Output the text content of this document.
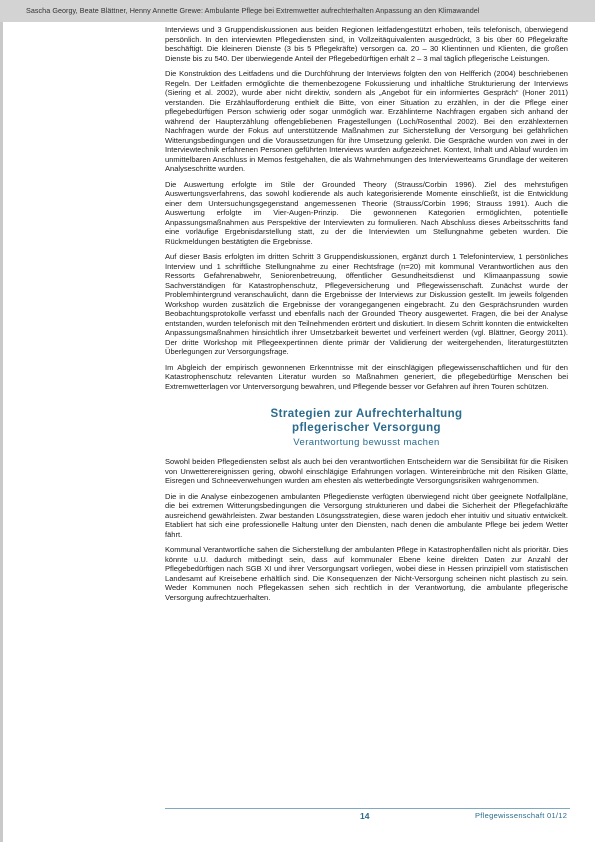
Sascha Georgy, Beate Blättner, Henny Annette Grewe: Ambulante Pflege bei Extremwetter aufrechterhalten Anpassung an den Klimawandel

Interviews und 3 Gruppendiskussionen aus beiden Regionen leitfadengestützt erhoben, teils telefonisch, überwiegend persönlich. In den interviewten Pflegediensten sind, in Vollzeitäquivalenten ausgedrückt, 3 bis über 60 Pflegekräfte beschäftigt. Die kleineren Dienste (3 bis 5 Pflegekräfte) versorgen ca. 20 – 30 Klientinnen und Klienten, die großen Dienste bis zu 540. Der überwiegende Anteil der Pflegebedürftigen erhält 2 – 3 mal täglich pflegerische Leistungen.

Die Konstruktion des Leitfadens und die Durchführung der Interviews folgten den von Helfferich (2004) beschriebenen Regeln. Der Leitfaden ermöglichte die themenbezogene Fokussierung und inhaltliche Strukturierung der Interviews (Siering et al. 2002), wurde aber nicht direktiv, sondern als „Angebot für ein informiertes Gespräch“ (Honer 2011) verstanden. Die Erzählaufforderung enthielt die Bitte, von einer Situation zu erzählen, in der die Pflege einer pflegebedürftigen Person schwierig oder sogar unmöglich war. Erzählinterne Nachfragen ergaben sich anhand der während der Haupterzählung offengebliebenen Fragestellungen (Loch/Rosenthal 2002). Bei den erzählexternen Nachfragen wurde der Fokus auf unterstützende Maßnahmen zur Sicherstellung der Versorgung bei gefährlichen Witterungsbedingungen und die Voraussetzungen für ihre Umsetzung gelenkt. Die Gespräche wurden von zwei in der Interviewtechnik erfahrenen Personen geführten Interviews wurden aufgezeichnet. Kontext, Inhalt und Ablauf wurden im unmittelbaren Anschluss in Memos festgehalten, die als Wahrnehmungen des Interviewerteams Grundlage der weiteren Analyseschritte wurden.

Die Auswertung erfolgte im Stile der Grounded Theory (Strauss/Corbin 1996). Ziel des mehrstufigen Auswertungsverfahrens, das sowohl kodierende als auch kategorisierende Momente einschließt, ist die Entwicklung einer dem Untersuchungsgegenstand angemessenen Theorie (Strauss/Corbin 1996; Strauss 1991). Auch die Auswertung erfolgte im Vier-Augen-Prinzip. Die gewonnenen Kategorien ermöglichten, potentielle Anpassungsmaßnahmen aus Perspektive der Interviewten zu formulieren. Nach Abschluss dieses Arbeitsschritts fand eine vorläufige Ergebnisdarstellung statt, zu der die Interviewten um Stellungnahme gebeten wurden. Die Rückmeldungen bestätigten die Ergebnisse.

Auf dieser Basis erfolgten im dritten Schritt 3 Gruppendiskussionen, ergänzt durch 1 Telefoninterview, 1 persönliches Interview und 1 schriftliche Stellungnahme zu einer Rechtsfrage (n=20) mit kommunal Verantwortlichen aus den Ressorts Gefahrenabwehr, Seniorenbetreuung, öffentlicher Gesundheitsdienst und Klimaanpassung sowie Sachverständigen für Katastrophenschutz, Pflegeversicherung und Pflegewissenschaft. Zunächst wurde der Problemhintergrund veranschaulicht, dann die Ergebnisse der Interviews zur Diskussion gestellt. Im jeweils folgenden Workshop wurden zusätzlich die Ergebnisse der vorangegangenen eingebracht. Zu den Gesprächsrunden wurden Beobachtungsprotokolle verfasst und ebenfalls nach der Grounded Theory ausgewertet. Fragen, die bei der Analyse entstanden, wurden telefonisch mit den Teilnehmenden erörtert und diskutiert. In diesem Schritt konnten die entwickelten Anpassungsmaßnahmen hinsichtlich ihrer Umsetzbarkeit bewertet und verfeinert werden (vgl. Blättner, Georgy 2011). Der dritte Workshop mit Pflegeexpertinnen diente primär der Validierung der weitergehenden, literaturgestützten Überlegungen zur Versorgungsfrage.

Im Abgleich der empirisch gewonnenen Erkenntnisse mit der einschlägigen pflegewissenschaftlichen und für den Katastrophenschutz relevanten Literatur wurden so Maßnahmen generiert, die pflegebedürftige Menschen bei Extremwetterlagen vor Unterversorgung bewahren, und Pflegende besser vor Gefahren auf ihren Touren schützen.

Strategien zur Aufrechterhaltung

pflegerischer Versorgung

Verantwortung bewusst machen

Sowohl beiden Pflegediensten selbst als auch bei den verantwortlichen Entscheidern war die Sensibilität für die Risiken von Unwetterereignissen gering, obwohl einschlägige Erfahrungen vorlagen. Wintereinbrüche mit den Risiken Glätte, Eisregen und Schneeverwehungen wurden am ehesten als wetterbedingte Versorgungsrisiken wahrgenommen.

Die in die Analyse einbezogenen ambulanten Pflegedienste verfügten überwiegend nicht über geeignete Notfallpläne, die bei extremen Witterungsbedingungen die Versorgung strukturieren und dabei die Sicherheit der Pflegefachkräfte ausreichend gewährleisten. Zwar bestanden Lösungsstrategien, diese waren jedoch eher intuitiv und situativ entwickelt. Etabliert hat sich eine professionelle Haltung unter den Diensten, nach denen die ambulante Pflege bei jedem Wetter fährt.

Kommunal Verantwortliche sahen die Sicherstellung der ambulanten Pflege in Katastrophenfällen nicht als prioritär. Dies könnte u.U. dadurch mitbedingt sein, dass auf kommunaler Ebene keine direkten Daten zur Anzahl der Pflegebedürftigen nach SGB XI und ihrer Versorgungsart vorliegen, wobei diese in Hessen prinzipiell vom statistischen Landesamt auf Kreisebene erhältlich sind. Die Konsequenzen der Nicht-Versorgung scheinen nicht plastisch zu sein. Weder Kommunen noch Pflegekassen sehen sich rechtlich in der Verantwortung, die ambulante pflegerische Versorgung aufrechtzuerhalten.

14	Pflegewissenschaft 01/12
